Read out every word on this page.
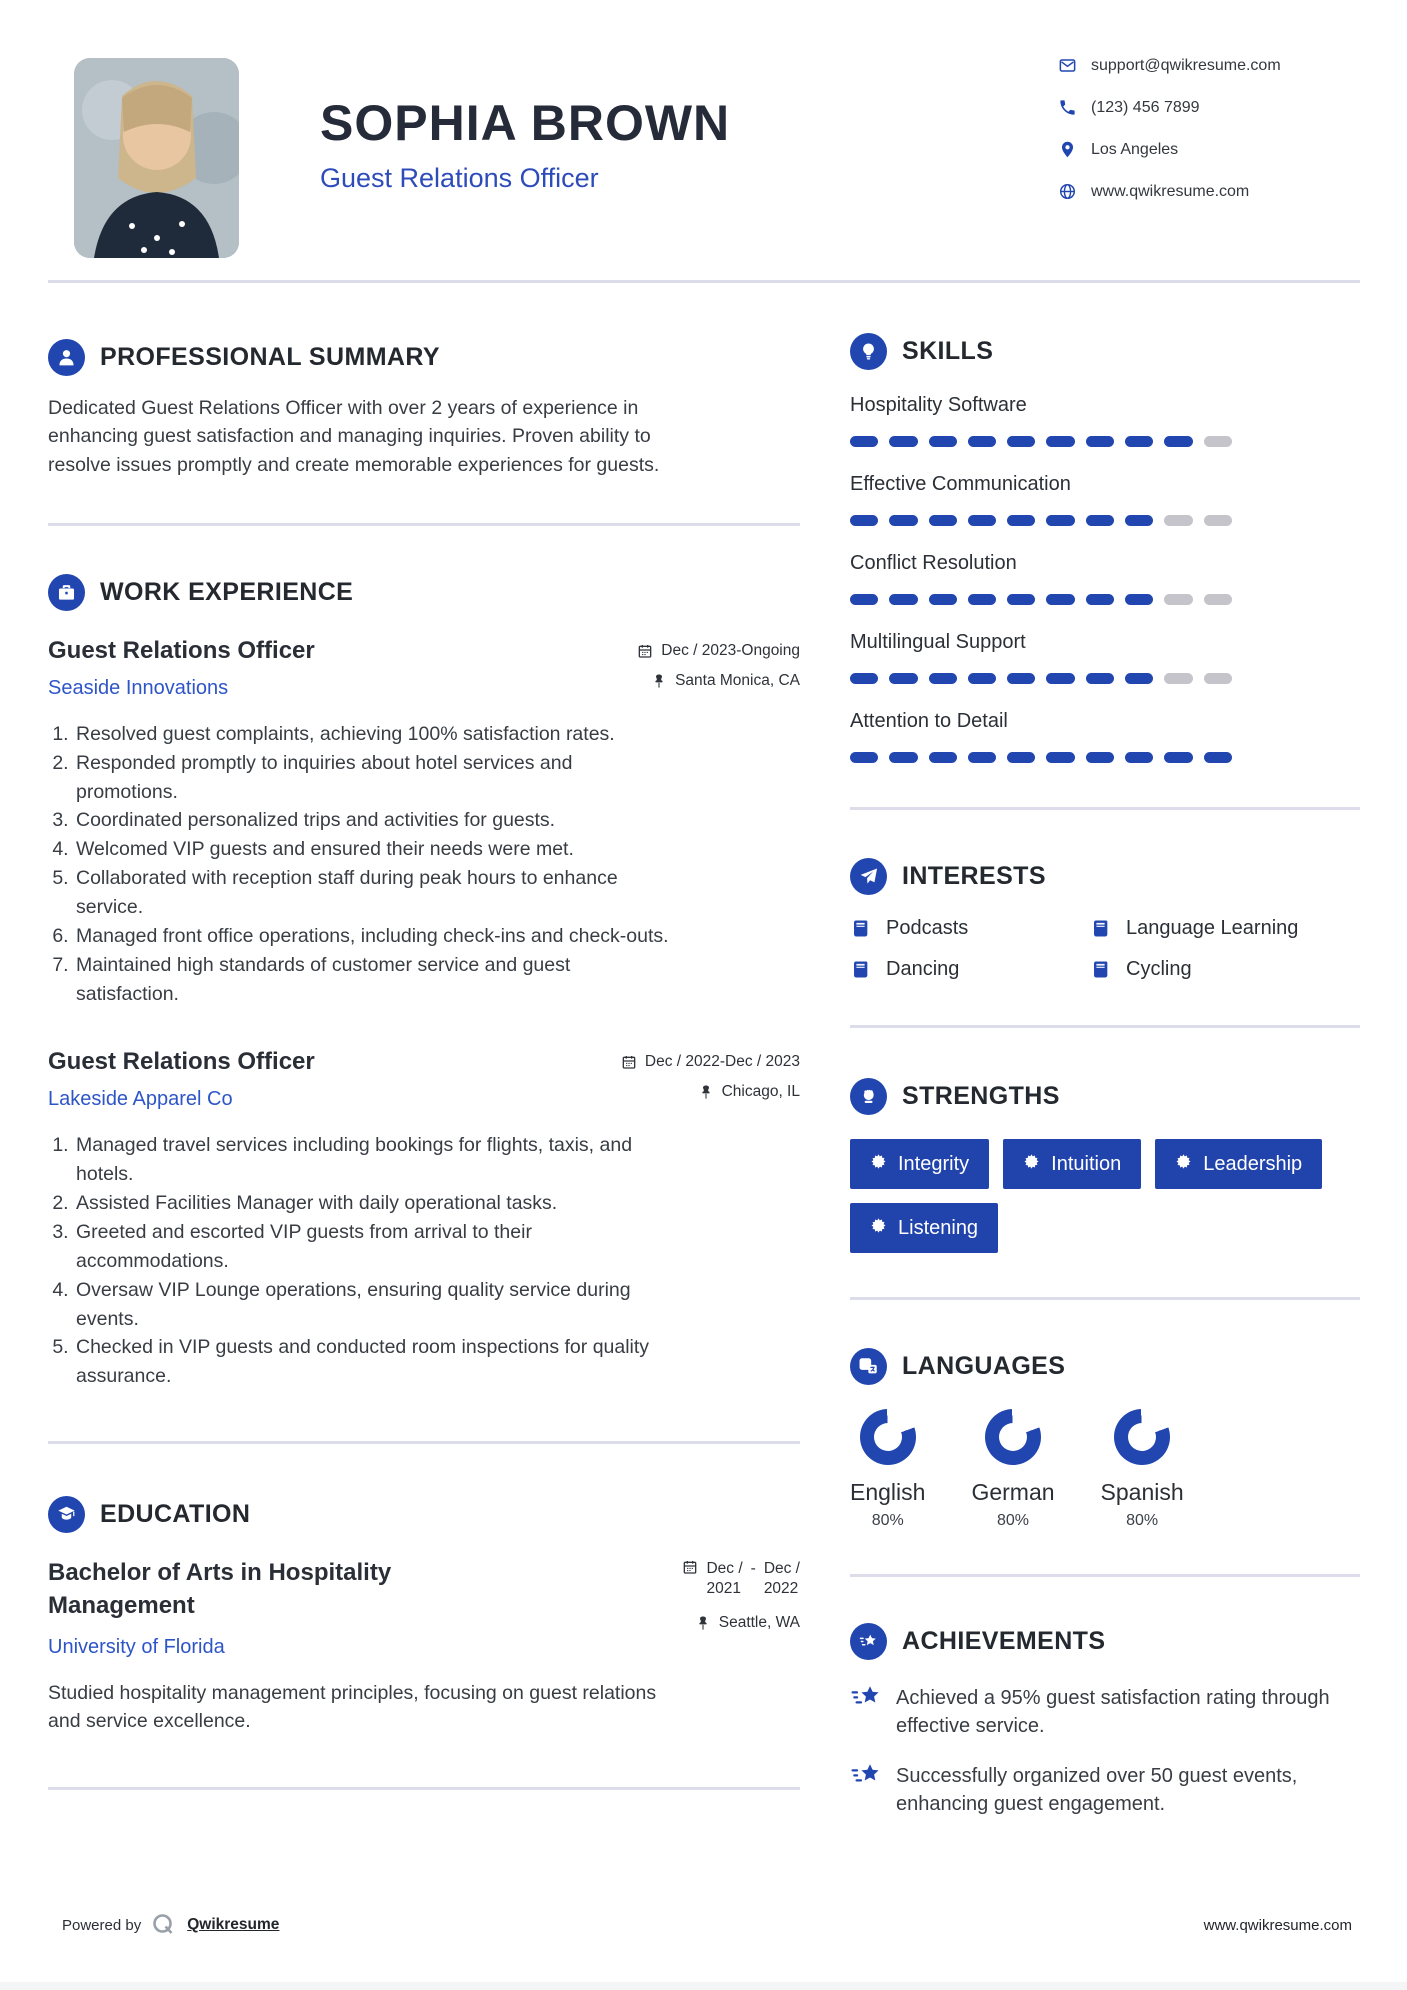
SOPHIA BROWN
Guest Relations Officer
support@qwikresume.com
(123) 456 7899
Los Angeles
www.qwikresume.com
PROFESSIONAL SUMMARY

Dedicated Guest Relations Officer with over 2 years of experience in enhancing guest satisfaction and managing inquiries. Proven ability to resolve issues promptly and create memorable experiences for guests.

WORK EXPERIENCE
Guest Relations Officer
Seaside Innovations
Dec / 2023-Ongoing
Santa Monica, CA
1. Resolved guest complaints, achieving 100% satisfaction rates.
2. Responded promptly to inquiries about hotel services and promotions.
3. Coordinated personalized trips and activities for guests.
4. Welcomed VIP guests and ensured their needs were met.
5. Collaborated with reception staff during peak hours to enhance service.
6. Managed front office operations, including check-ins and check-outs.
7. Maintained high standards of customer service and guest satisfaction.
Guest Relations Officer
Lakeside Apparel Co
Dec / 2022-Dec / 2023
Chicago, IL
1. Managed travel services including bookings for flights, taxis, and hotels.
2. Assisted Facilities Manager with daily operational tasks.
3. Greeted and escorted VIP guests from arrival to their accommodations.
4. Oversaw VIP Lounge operations, ensuring quality service during events.
5. Checked in VIP guests and conducted room inspections for quality assurance.
EDUCATION
Bachelor of Arts in Hospitality Management
University of Florida
Dec /
2021
- Dec /
2022
Seattle, WA

Studied hospitality management principles, focusing on guest relations and service excellence.

SKILLS
Hospitality Software
Effective Communication
Conflict Resolution
Multilingual Support
Attention to Detail
INTERESTS
Podcasts	Language Learning
Dancing	Cycling
STRENGTHS
Integrity	Intuition	Leadership
Listening
LANGUAGES
English
80%
German
80%
Spanish
80%
ACHIEVEMENTS

Achieved a 95% guest satisfaction rating through effective service.

Successfully organized over 50 guest events, enhancing guest engagement.

Powered by	Qwikresume	www.qwikresume.com
